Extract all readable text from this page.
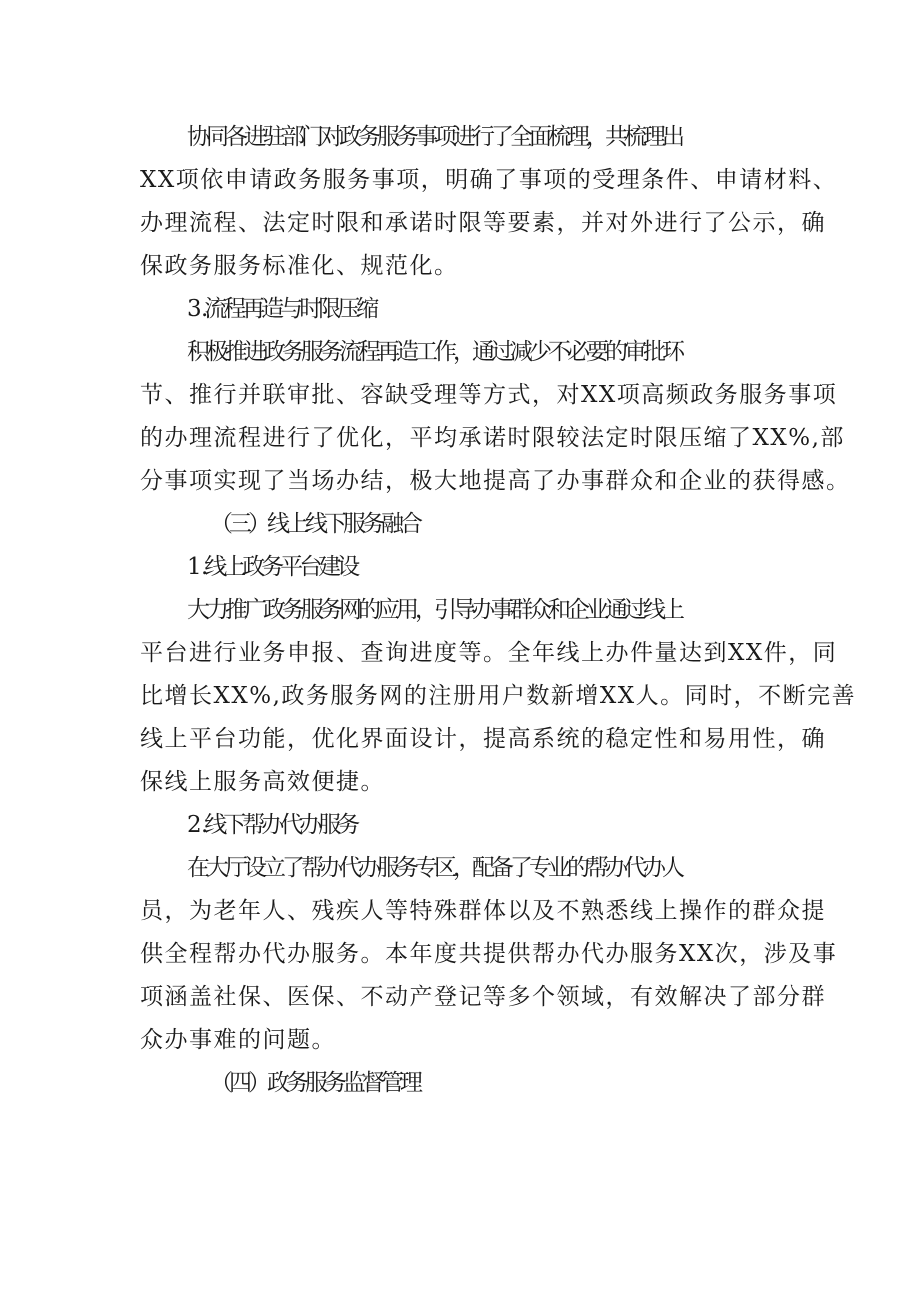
协同各进驻部门对政务服务事项进行了全面梳理，共梳理出
XX项依申请政务服务事项，明确了事项的受理条件、申请材料、
办理流程、法定时限和承诺时限等要素，并对外进行了公示，确
保政务服务标准化、规范化。
3 .流程再造与时限压缩
积极推进政务服务流程再造工作，通过减少不必要的审批环
节、推行并联审批、容缺受理等方式，对XX项高频政务服务事项
的办理流程进行了优化，平均承诺时限较法定时限压缩了XX%,部
分事项实现了当场办结，极大地提高了办事群众和企业的获得感。
（三）线上线下服务融合
1 .线上政务平台建设
大力推广政务服务网的应用，引导办事群众和企业通过线上
平台进行业务申报、查询进度等。全年线上办件量达到XX件，同
比增长XX%,政务服务网的注册用户数新增XX人。同时，不断完善
线上平台功能，优化界面设计，提高系统的稳定性和易用性，确
保线上服务高效便捷。
2 .线下帮办代办服务
在大厅设立了帮办代办服务专区，配备了专业的帮办代办人
员，为老年人、残疾人等特殊群体以及不熟悉线上操作的群众提
供全程帮办代办服务。本年度共提供帮办代办服务XX次，涉及事
项涵盖社保、医保、不动产登记等多个领域，有效解决了部分群
众办事难的问题。
（四）政务服务监督管理
